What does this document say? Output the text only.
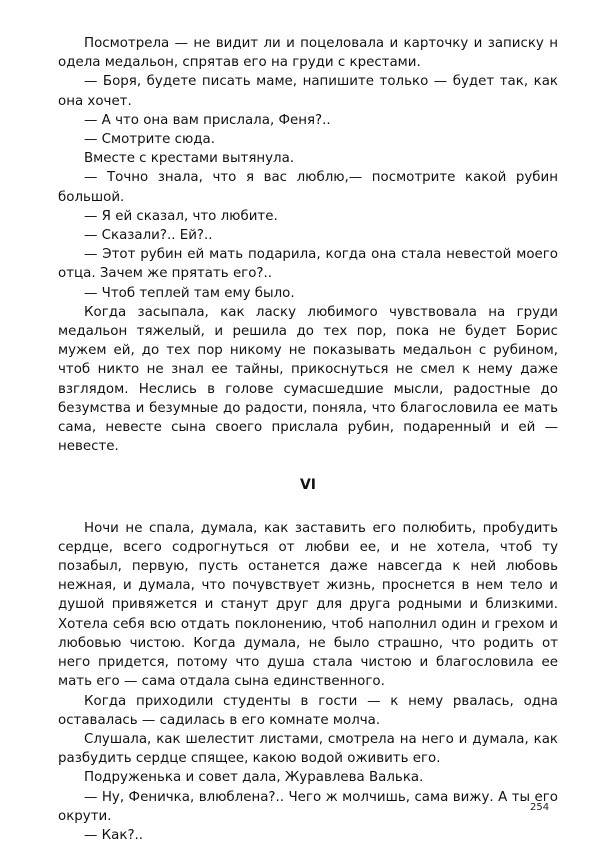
Посмотрела — не видит ли и поцеловала и карточку и записку н одела медальон, спрятав его на груди с крестами.

— Боря, будете писать маме, напишите только — будет так, как она хочет.

— А что она вам прислала, Феня?..

— Смотрите сюда.

Вместе с крестами вытянула.

— Точно знала, что я вас люблю,— посмотрите какой рубин большой.

— Я ей сказал, что любите.

— Сказали?.. Ей?..

— Этот рубин ей мать подарила, когда она стала невестой моего отца. Зачем же прятать его?..

— Чтоб теплей там ему было.

Когда засыпала, как ласку любимого чувствовала на груди медальон тяжелый, и решила до тех пор, пока не будет Борис мужем ей, до тех пор никому не показывать медальон с рубином, чтоб никто не знал ее тайны, прикоснуться не смел к нему даже взглядом. Неслись в голове сумасшедшие мысли, радостные до безумства и безумные до радости, поняла, что благословила ее мать сама, невесте сына своего прислала рубин, подаренный и ей — невесте.

VI

Ночи не спала, думала, как заставить его полюбить, пробудить сердце, всего содрогнуться от любви ее, и не хотела, чтоб ту позабыл, первую, пусть останется даже навсегда к ней любовь нежная, и думала, что почувствует жизнь, проснется в нем тело и душой привяжется и станут друг для друга родными и близкими. Хотела себя всю отдать поклонению, чтоб наполнил один и грехом и любовью чистою. Когда думала, не было страшно, что родить от него придется, потому что душа стала чистою и благословила ее мать его — сама отдала сына единственного.

Когда приходили студенты в гости — к нему рвалась, одна оставалась — садилась в его комнате молча.

Слушала, как шелестит листами, смотрела на него и думала, как разбудить сердце спящее, какою водой оживить его.

Подруженька и совет дала, Журавлева Валька.

— Ну, Феничка, влюблена?.. Чего ж молчишь, сама вижу. А ты его окрути.

— Как?..

254
